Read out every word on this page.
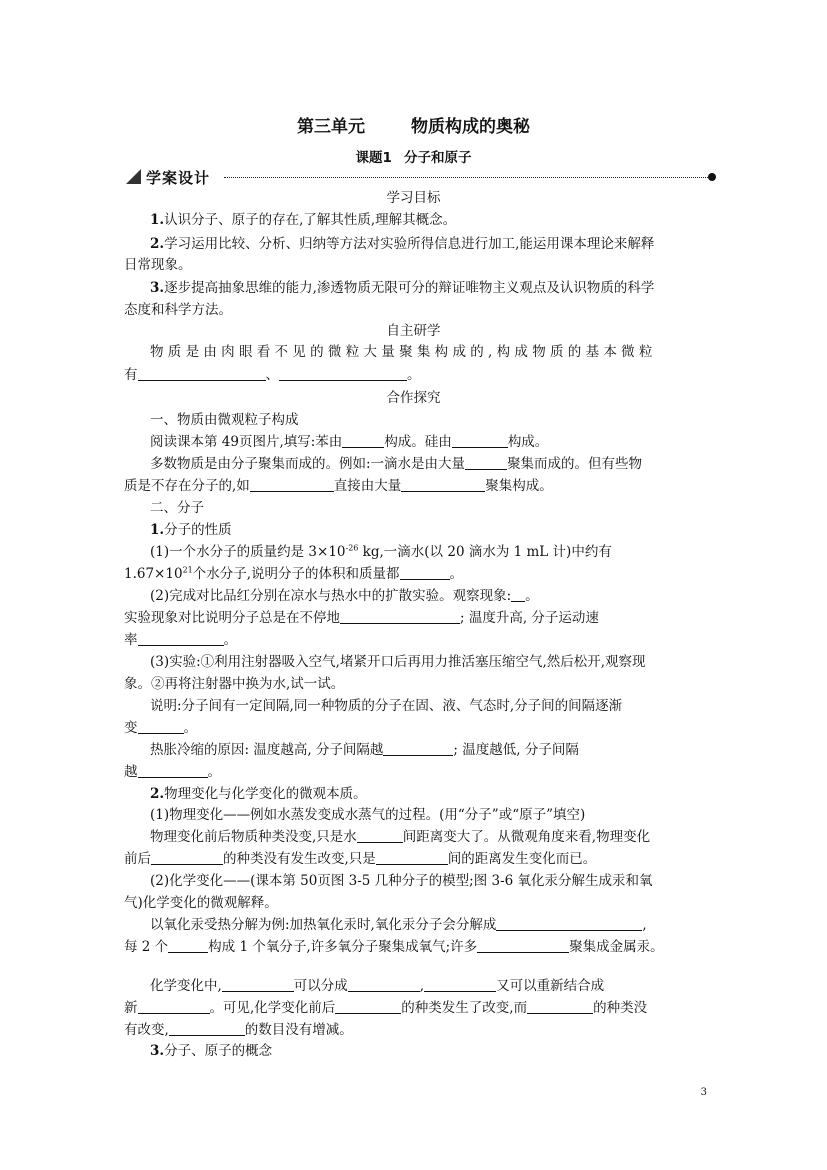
第三单元	物质构成的奥秘
课题1 分子和原子
学案设计
学习目标
1.认识分子、原子的存在,了解其性质,理解其概念。
2.学习运用比较、分析、归纳等方法对实验所得信息进行加工,能运用课本理论来解释
日常现象。
3.逐步提高抽象思维的能力,渗透物质无限可分的辩证唯物主义观点及认识物质的科学
态度和科学方法。
自主研学
物 质 是 由 肉 眼 看 不 见 的 微 粒 大 量 聚 集 构 成 的 , 构 成 物 质 的 基 本 微 粒
有	、	。
合作探究
一、物质由微观粒子构成
阅读课本第 49页图片,填写:苯由	构成。硅由	构成。
多数物质是由分子聚集而成的。例如:一滴水是由大量	聚集而成的。但有些物
质是不存在分子的,如	直接由大量	聚集构成。
二、分子
1.分子的性质
(1)一个水分子的质量约是 $3\times 10^{-26}$ kg,一滴水(以 20 滴水为 1 mL 计)中约有
$1.67\times 10^{21}$个水分子,说明分子的体积和质量都	。
(2)完成对比品红分别在凉水与热水中的扩散实验。观察现象: 。
实验现象对比说明分子总是在不停地	; 温度升高, 分子运动速
率	。
(3)实验:①利用注射器吸入空气,堵紧开口后再用力推活塞压缩空气,然后松开,观察现
象。②再将注射器中换为水,试一试。
说明:分子间有一定间隔,同一种物质的分子在固、液、气态时,分子间的间隔逐渐
变	。
热胀冷缩的原因: 温度越高, 分子间隔越	; 温度越低, 分子间隔
越	。
2.物理变化与化学变化的微观本质。
(1)物理变化——例如水蒸发变成水蒸气的过程。(用“分子”或“原子”填空)
物理变化前后物质种类没变,只是水	间距离变大了。从微观角度来看,物理变化
前后	的种类没有发生改变,只是	间的距离发生变化而已。
(2)化学变化——(课本第 50页图 3-5 几种分子的模型;图 3-6 氧化汞分解生成汞和氧
气)化学变化的微观解释。
以氧化汞受热分解为例:加热氧化汞时,氧化汞分子会分解成	,
每 2 个	构成 1 个氧分子,许多氧分子聚集成氧气;许多	聚集成金属汞。
化学变化中,	可以分成	,	又可以重新结合成
新	。可见,化学变化前后	的种类发生了改变,而	的种类没
有改变,	的数目没有增减。
3.分子、原子的概念
3
